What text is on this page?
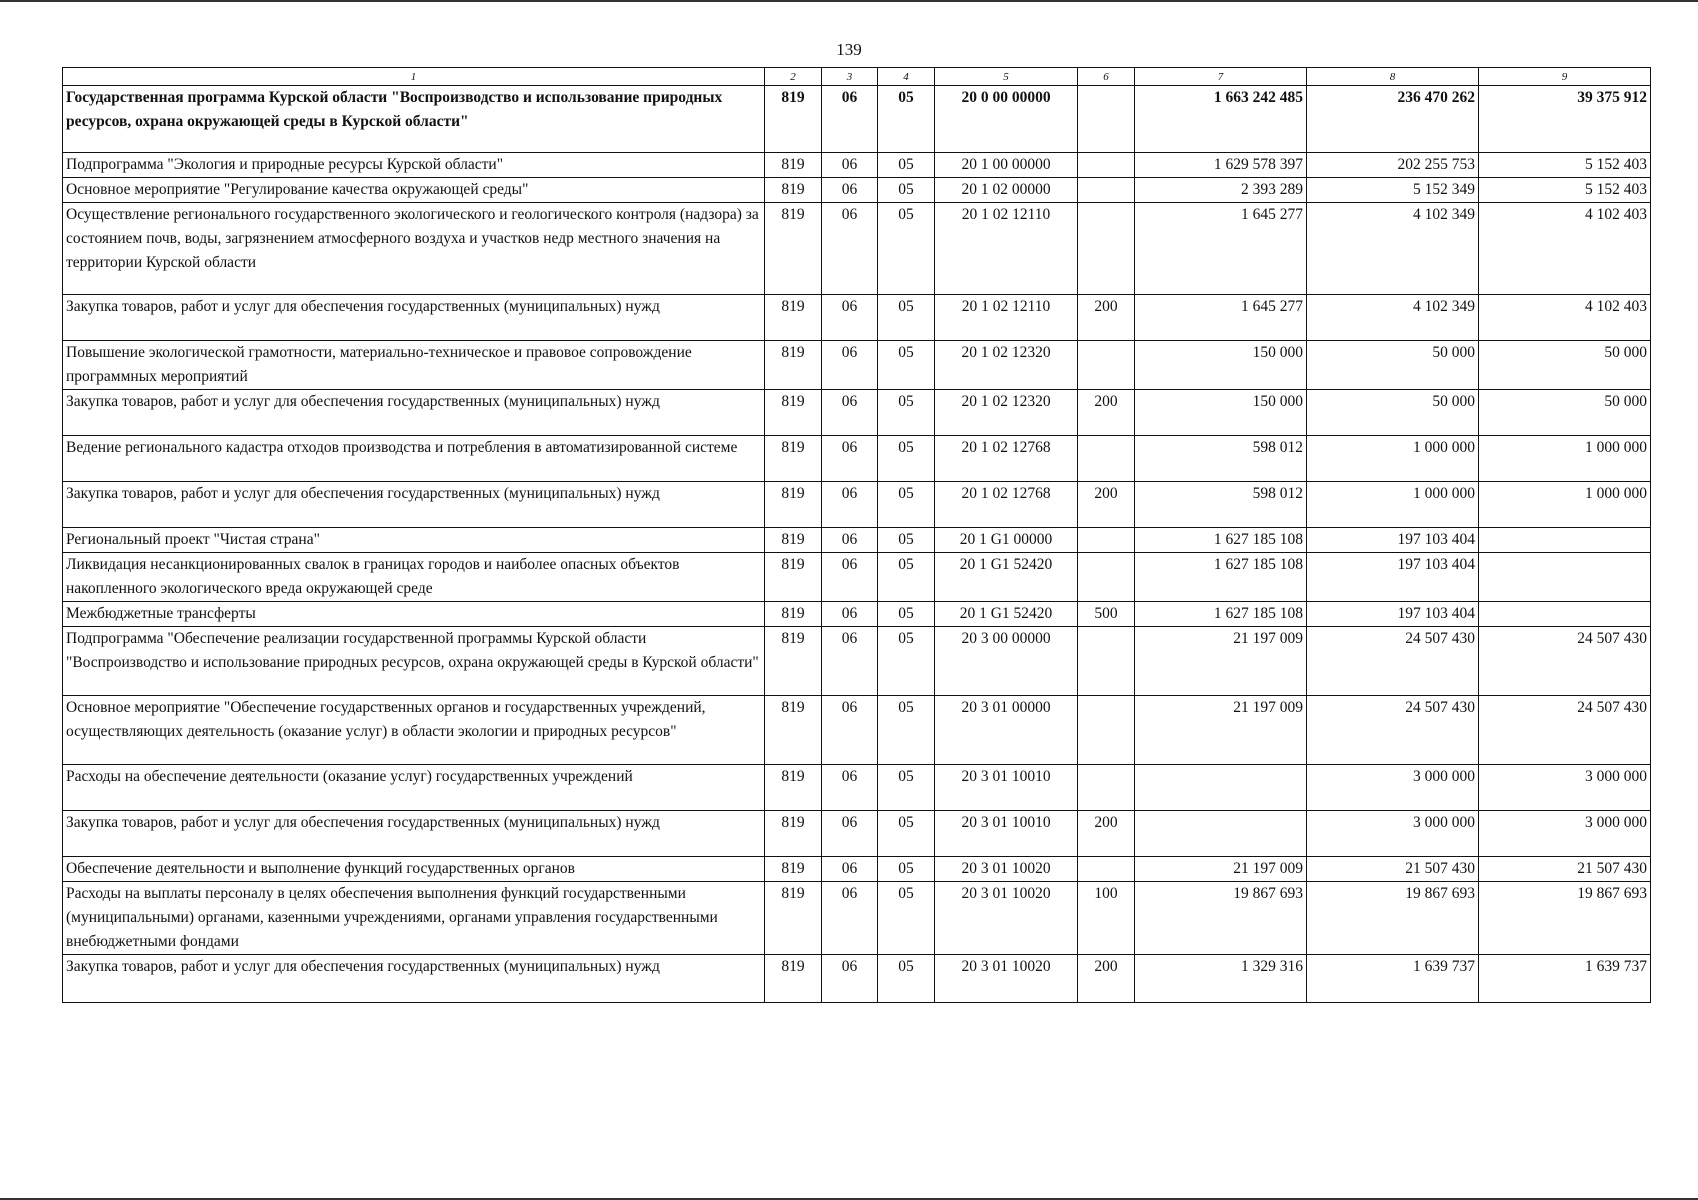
139
1	2	3	4	5	6	7	8	9
Государственная программа Курской области "Воспроизводство и использование природных ресурсов, охрана окружающей среды в Курской области"	819	06	05	20 0 00 00000		1 663 242 485	236 470 262	39 375 912
Подпрограмма "Экология и природные ресурсы Курской области"	819	06	05	20 1 00 00000		1 629 578 397	202 255 753	5 152 403
Основное мероприятие "Регулирование качества окружающей среды"	819	06	05	20 1 02 00000		2 393 289	5 152 349	5 152 403
Осуществление регионального государственного экологического и геологического контроля (надзора) за состоянием почв, воды, загрязнением атмосферного воздуха и участков недр местного значения на территории Курской области	819	06	05	20 1 02 12110		1 645 277	4 102 349	4 102 403
Закупка товаров, работ и услуг для обеспечения государственных (муниципальных) нужд	819	06	05	20 1 02 12110	200	1 645 277	4 102 349	4 102 403
Повышение экологической грамотности, материально-техническое и правовое сопровождение программных мероприятий	819	06	05	20 1 02 12320		150 000	50 000	50 000
Закупка товаров, работ и услуг для обеспечения государственных (муниципальных) нужд	819	06	05	20 1 02 12320	200	150 000	50 000	50 000
Ведение регионального кадастра отходов производства и потребления в автоматизированной системе	819	06	05	20 1 02 12768		598 012	1 000 000	1 000 000
Закупка товаров, работ и услуг для обеспечения государственных (муниципальных) нужд	819	06	05	20 1 02 12768	200	598 012	1 000 000	1 000 000
Региональный проект "Чистая страна"	819	06	05	20 1 G1 00000		1 627 185 108	197 103 404	
Ликвидация несанкционированных свалок в границах городов и наиболее опасных объектов накопленного экологического вреда окружающей среде	819	06	05	20 1 G1 52420		1 627 185 108	197 103 404	
Межбюджетные трансферты	819	06	05	20 1 G1 52420	500	1 627 185 108	197 103 404	
Подпрограмма "Обеспечение реализации государственной программы Курской области "Воспроизводство и использование природных ресурсов, охрана окружающей среды в Курской области"	819	06	05	20 3 00 00000		21 197 009	24 507 430	24 507 430
Основное мероприятие "Обеспечение государственных органов и государственных учреждений, осуществляющих деятельность (оказание услуг) в области экологии и природных ресурсов"	819	06	05	20 3 01 00000		21 197 009	24 507 430	24 507 430
Расходы на обеспечение деятельности (оказание услуг) государственных учреждений	819	06	05	20 3 01 10010			3 000 000	3 000 000
Закупка товаров, работ и услуг для обеспечения государственных (муниципальных) нужд	819	06	05	20 3 01 10010	200		3 000 000	3 000 000
Обеспечение деятельности и выполнение функций государственных органов	819	06	05	20 3 01 10020		21 197 009	21 507 430	21 507 430
Расходы на выплаты персоналу в целях обеспечения выполнения функций государственными (муниципальными) органами, казенными учреждениями, органами управления государственными внебюджетными фондами	819	06	05	20 3 01 10020	100	19 867 693	19 867 693	19 867 693
Закупка товаров, работ и услуг для обеспечения государственных (муниципальных) нужд	819	06	05	20 3 01 10020	200	1 329 316	1 639 737	1 639 737
